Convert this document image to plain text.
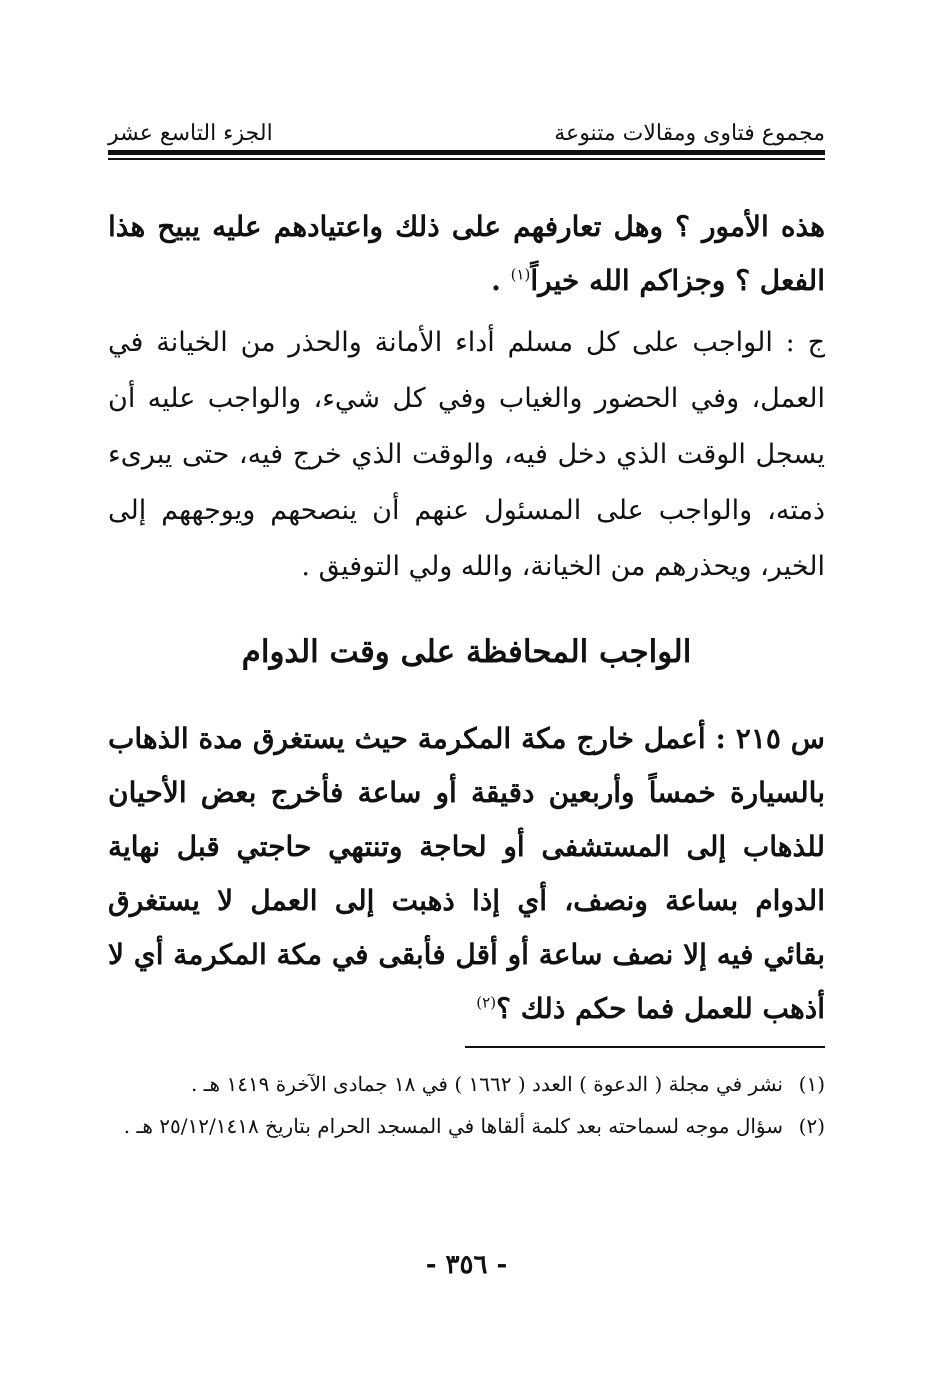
مجموع فتاوى ومقالات متنوعة
الجزء التاسع عشر
هذه الأمور ؟ وهل تعارفهم على ذلك واعتيادهم عليه يبيح هذا الفعل ؟ وجزاكم الله خيراً$^{(١)}$ .
ج : الواجب على كل مسلم أداء الأمانة والحذر من الخيانة في العمل، وفي الحضور والغياب وفي كل شيء، والواجب عليه أن يسجل الوقت الذي دخل فيه، والوقت الذي خرج فيه، حتى يبرىء ذمته، والواجب على المسئول عنهم أن ينصحهم ويوجههم إلى الخير، ويحذرهم من الخيانة، والله ولي التوفيق .
الواجب المحافظة على وقت الدوام
س ٢١٥ : أعمل خارج مكة المكرمة حيث يستغرق مدة الذهاب بالسيارة خمساً وأربعين دقيقة أو ساعة فأخرج بعض الأحيان للذهاب إلى المستشفى أو لحاجة وتنتهي حاجتي قبل نهاية الدوام بساعة ونصف، أي إذا ذهبت إلى العمل لا يستغرق بقائي فيه إلا نصف ساعة أو أقل فأبقى في مكة المكرمة أي لا أذهب للعمل فما حكم ذلك ؟$^{(٢)}$
(١)
نشر في مجلة ( الدعوة ) العدد ( ١٦٦٢ ) في ١٨ جمادى الآخرة ١٤١٩ هـ .
(٢)
سؤال موجه لسماحته بعد كلمة ألقاها في المسجد الحرام بتاريخ ٢٥/١٢/١٤١٨ هـ .
- ٣٥٦ -
